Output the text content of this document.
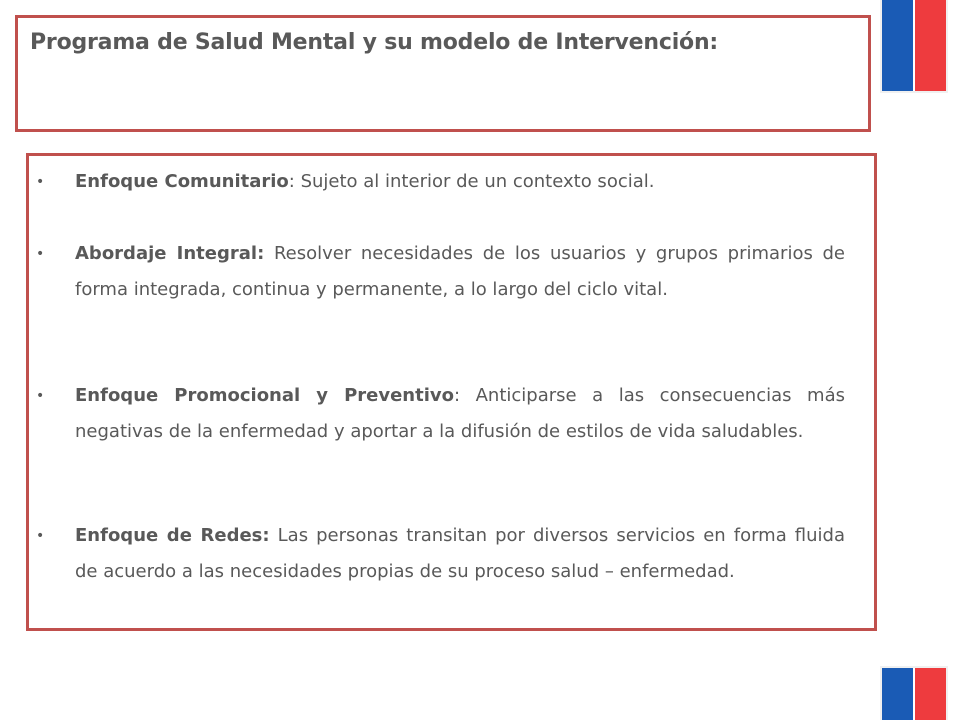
Programa de Salud Mental y su modelo de Intervención:
• Enfoque Comunitario: Sujeto al interior de un contexto social.
• Abordaje Integral: Resolver necesidades de los usuarios y grupos primarios de forma integrada, continua y permanente, a lo largo del ciclo vital.
• Enfoque Promocional y Preventivo: Anticiparse a las consecuencias más negativas de la enfermedad y aportar a la difusión de estilos de vida saludables.
• Enfoque de Redes: Las personas transitan por diversos servicios en forma fluida de acuerdo a las necesidades propias de su proceso salud – enfermedad.
